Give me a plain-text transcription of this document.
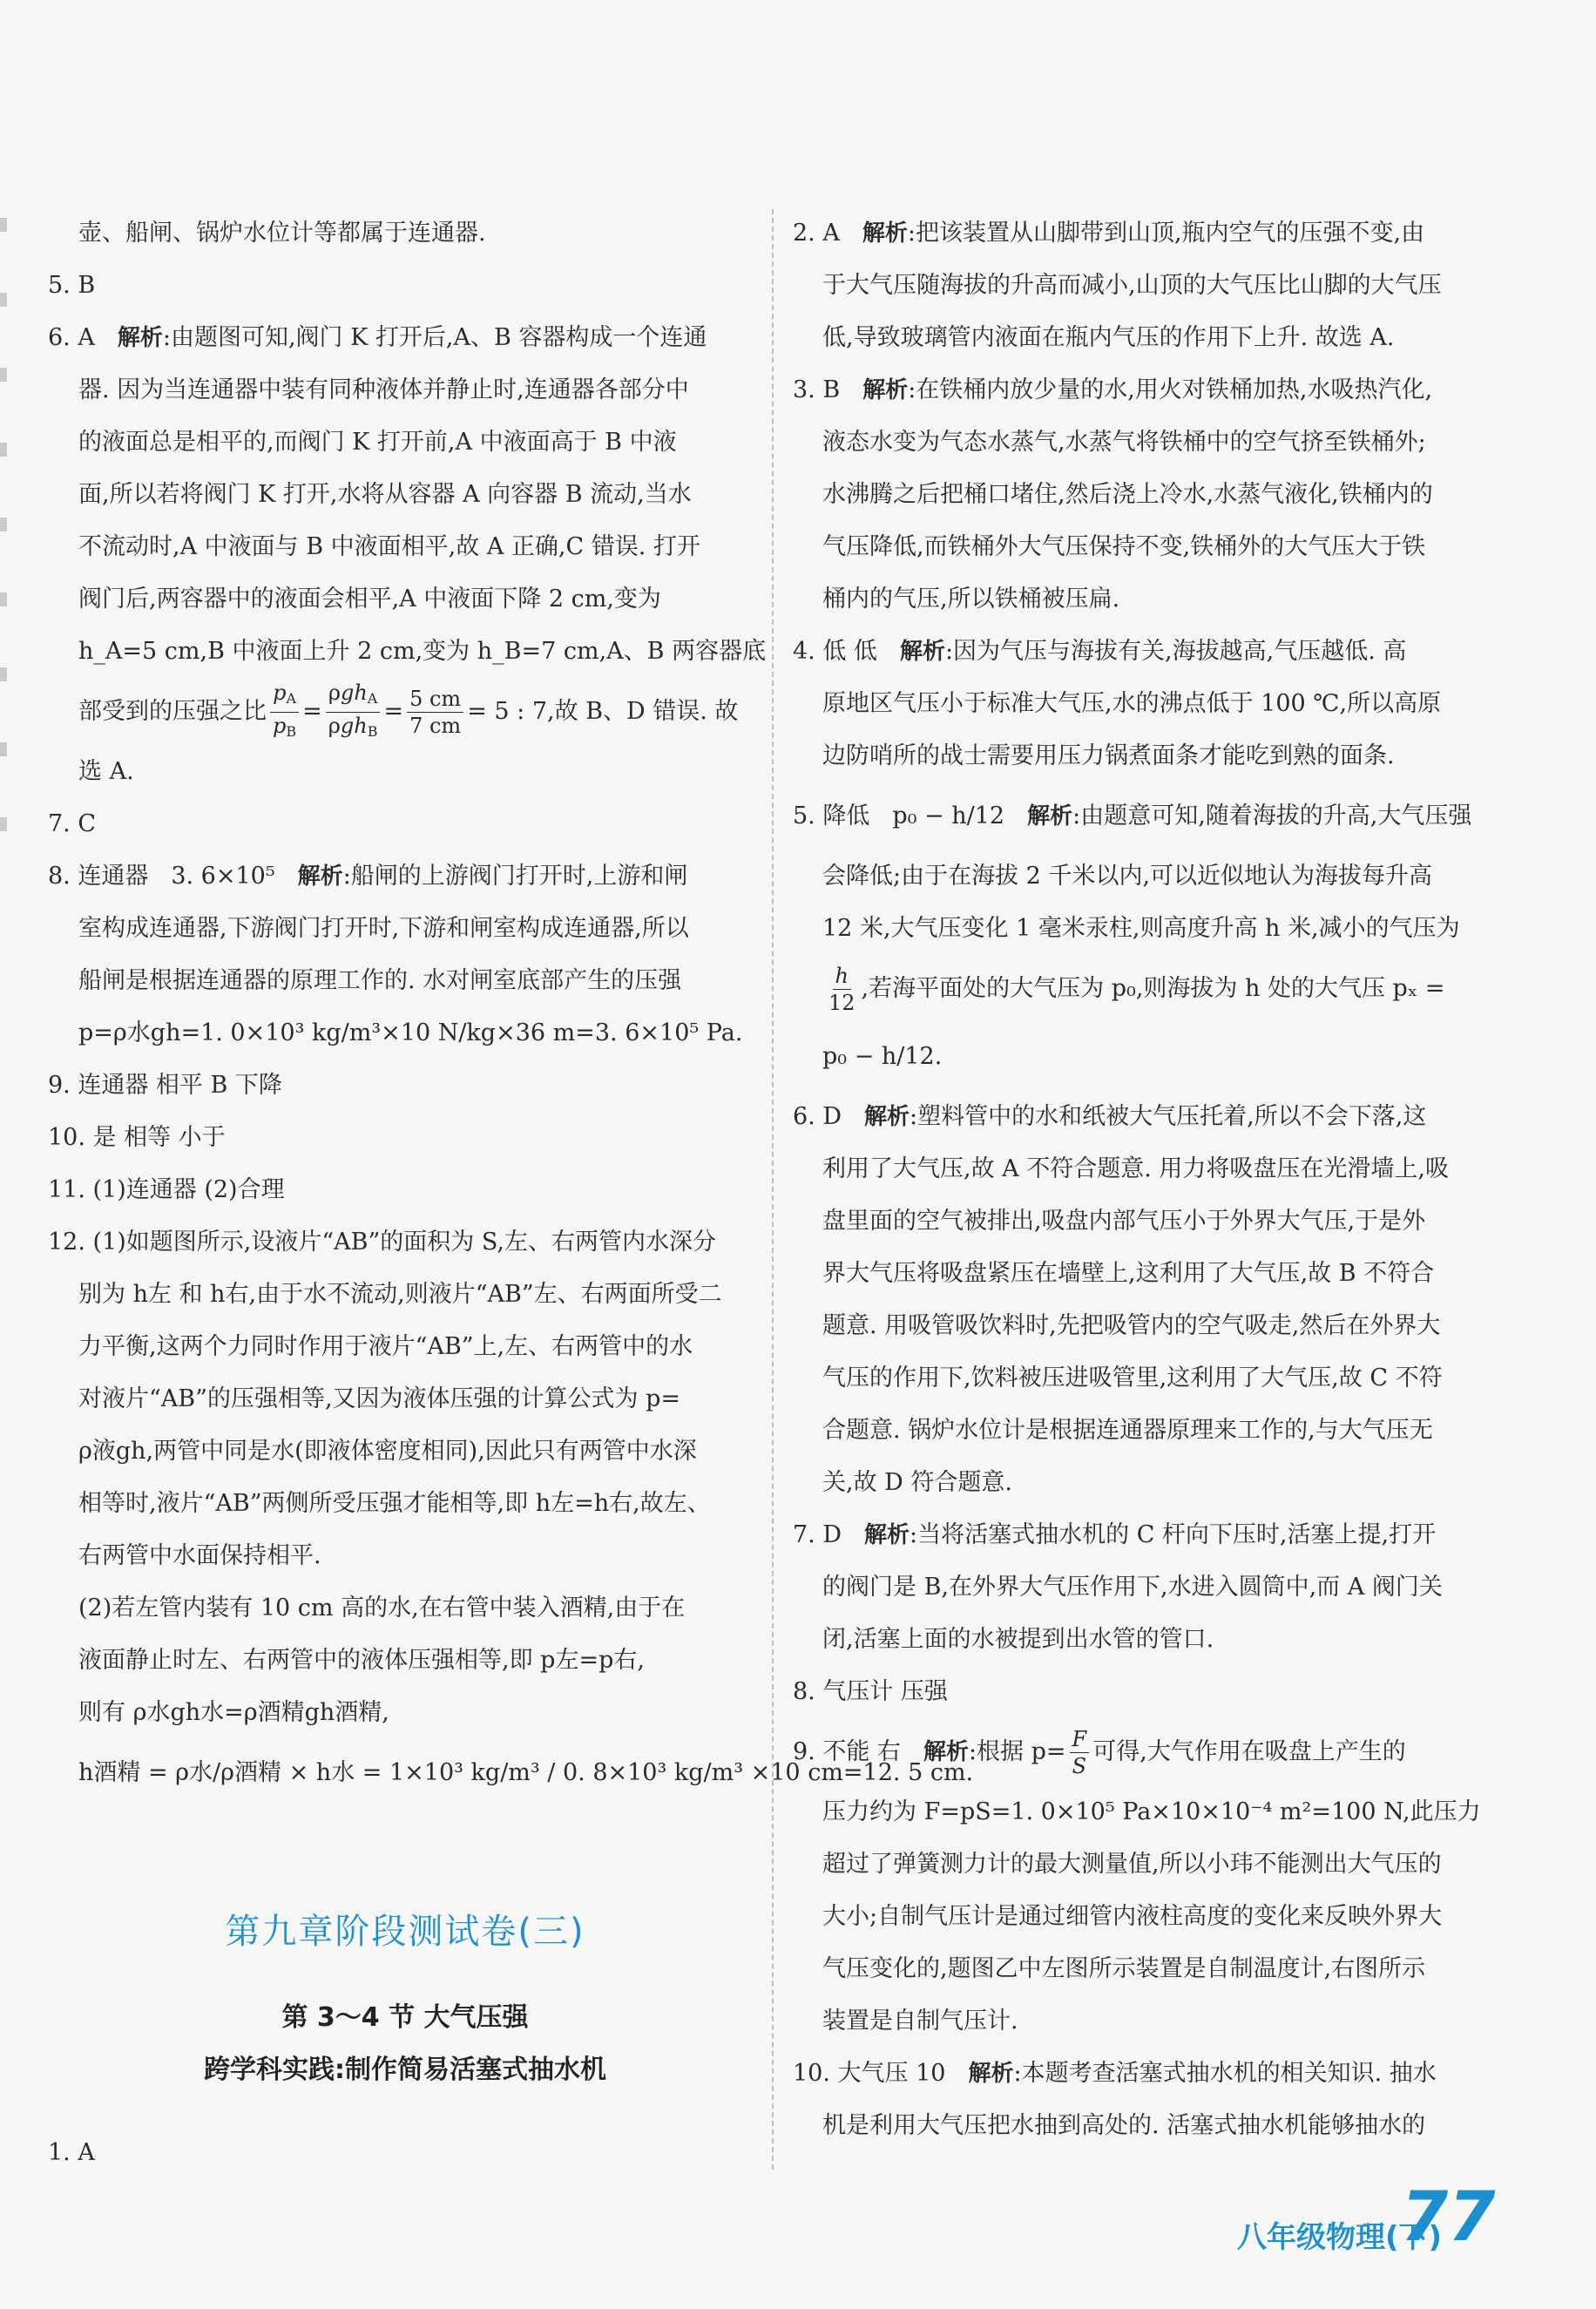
壶、船闸、锅炉水位计等都属于连通器.
5. B
6. A 解析:由题图可知,阀门 K 打开后,A、B 容器构成一个连通
器. 因为当连通器中装有同种液体并静止时,连通器各部分中
的液面总是相平的,而阀门 K 打开前,A 中液面高于 B 中液
面,所以若将阀门 K 打开,水将从容器 A 向容器 B 流动,当水
不流动时,A 中液面与 B 中液面相平,故 A 正确,C 错误. 打开
阀门后,两容器中的液面会相平,A 中液面下降 2 cm,变为
h_A=5 cm,B 中液面上升 2 cm,变为 h_B=7 cm,A、B 两容器底
部受到的压强之比 $\frac{p_A}{p_B} = \frac{\rho gh_A}{\rho gh_B} = \frac{5 cm}{7 cm} = 5$ : 7,故 B、D 错误. 故
选 A.
7. C
8. 连通器 3. 6×10⁵ 解析:船闸的上游阀门打开时,上游和闸
室构成连通器,下游阀门打开时,下游和闸室构成连通器,所以
船闸是根据连通器的原理工作的. 水对闸室底部产生的压强
p=ρ水gh=1. 0×10³ kg/m³×10 N/kg×36 m=3. 6×10⁵ Pa.
9. 连通器 相平 B 下降
10. 是 相等 小于
11. (1)连通器 (2)合理
12. (1)如题图所示,设液片“AB”的面积为 S,左、右两管内水深分
别为 h左 和 h右,由于水不流动,则液片“AB”左、右两面所受二
力平衡,这两个力同时作用于液片“AB”上,左、右两管中的水
对液片“AB”的压强相等,又因为液体压强的计算公式为 p=
ρ液gh,两管中同是水(即液体密度相同),因此只有两管中水深
相等时,液片“AB”两侧所受压强才能相等,即 h左=h右,故左、
右两管中水面保持相平.
(2)若左管内装有 10 cm 高的水,在右管中装入酒精,由于在
液面静止时左、右两管中的液体压强相等,即 p左=p右,
则有 ρ水gh水=ρ酒精gh酒精,
h酒精 = ρ水/ρ酒精 × h水 = 1×10³ kg/m³ / 0. 8×10³ kg/m³ ×10 cm=12. 5 cm.
第九章阶段测试卷(三)
第 3～4 节 大气压强
跨学科实践:制作简易活塞式抽水机
1. A
2. A 解析:把该装置从山脚带到山顶,瓶内空气的压强不变,由
于大气压随海拔的升高而减小,山顶的大气压比山脚的大气压
低,导致玻璃管内液面在瓶内气压的作用下上升. 故选 A.
3. B 解析:在铁桶内放少量的水,用火对铁桶加热,水吸热汽化,
液态水变为气态水蒸气,水蒸气将铁桶中的空气挤至铁桶外;
水沸腾之后把桶口堵住,然后浇上冷水,水蒸气液化,铁桶内的
气压降低,而铁桶外大气压保持不变,铁桶外的大气压大于铁
桶内的气压,所以铁桶被压扁.
4. 低 低 解析:因为气压与海拔有关,海拔越高,气压越低. 高
原地区气压小于标准大气压,水的沸点低于 100 ℃,所以高原
边防哨所的战士需要用压力锅煮面条才能吃到熟的面条.
5. 降低 p₀ − h/12 解析:由题意可知,随着海拔的升高,大气压强
会降低;由于在海拔 2 千米以内,可以近似地认为海拔每升高
12 米,大气压变化 1 毫米汞柱,则高度升高 h 米,减小的气压为
$\frac{h}{12}$ ,若海平面处的大气压为 p₀,则海拔为 h 处的大气压 pₓ =
p₀ − h/12.
6. D 解析:塑料管中的水和纸被大气压托着,所以不会下落,这
利用了大气压,故 A 不符合题意. 用力将吸盘压在光滑墙上,吸
盘里面的空气被排出,吸盘内部气压小于外界大气压,于是外
界大气压将吸盘紧压在墙壁上,这利用了大气压,故 B 不符合
题意. 用吸管吸饮料时,先把吸管内的空气吸走,然后在外界大
气压的作用下,饮料被压进吸管里,这利用了大气压,故 C 不符
合题意. 锅炉水位计是根据连通器原理来工作的,与大气压无
关,故 D 符合题意.
7. D 解析:当将活塞式抽水机的 C 杆向下压时,活塞上提,打开
的阀门是 B,在外界大气压作用下,水进入圆筒中,而 A 阀门关
闭,活塞上面的水被提到出水管的管口.
8. 气压计 压强
9. 不能 右 解析:根据 $p= \frac{F}{S}$ 可得,大气作用在吸盘上产生的
压力约为 F=pS=1. 0×10⁵ Pa×10×10⁻⁴ m²=100 N,此压力
超过了弹簧测力计的最大测量值,所以小玮不能测出大气压的
大小;自制气压计是通过细管内液柱高度的变化来反映外界大
气压变化的,题图乙中左图所示装置是自制温度计,右图所示
装置是自制气压计.
10. 大气压 10 解析:本题考查活塞式抽水机的相关知识. 抽水
机是利用大气压把水抽到高处的. 活塞式抽水机能够抽水的
八年级物理(下)
77
